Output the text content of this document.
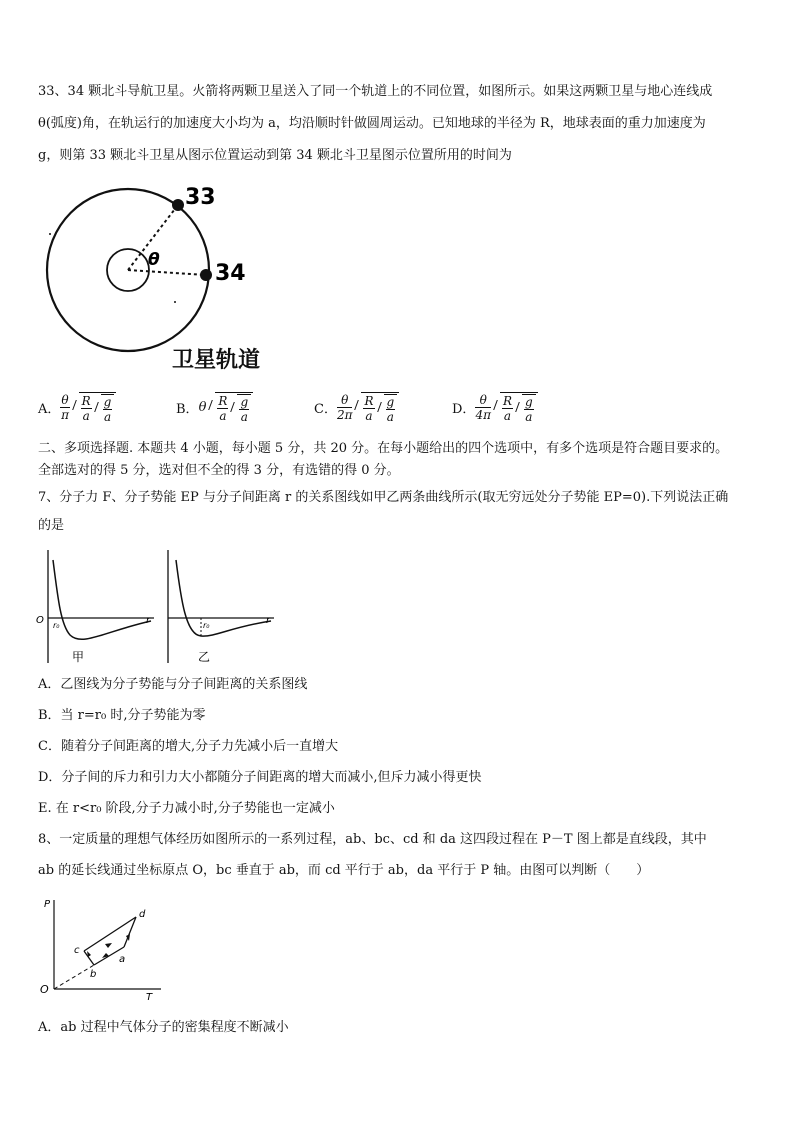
33、34 颗北斗导航卫星。火箭将两颗卫星送入了同一个轨道上的不同位置，如图所示。如果这两颗卫星与地心连线成
θ(弧度)角，在轨运行的加速度大小均为 a，均沿顺时针做圆周运动。已知地球的半径为 R，地球表面的重力加速度为
g，则第 33 颗北斗卫星从图示位置运动到第 34 颗北斗卫星图示位置所用的时间为
33
34
θ
卫星轨道
A． $\frac{\theta}{\pi} \frac{R}{a} \frac{g}{a}$	B． θ $\frac{R}{a} \frac{g}{a}$	C． $\frac{\theta}{2\pi} \frac{R}{a} \frac{g}{a}$	D． $\frac{\theta}{4\pi} \frac{R}{a} \frac{g}{a}$
二、多项选择题. 本题共 4 小题，每小题 5 分，共 20 分。在每小题给出的四个选项中，有多个选项是符合题目要求的。
全部选对的得 5 分，选对但不全的得 3 分，有选错的得 0 分。
7、分子力 F、分子势能 EP 与分子间距离 r 的关系图线如甲乙两条曲线所示(取无穷远处分子势能 EP=0).下列说法正确
的是
O r₀	r
甲
r₀	r
乙
A．乙图线为分子势能与分子间距离的关系图线
B．当 r=r₀ 时,分子势能为零
C．随着分子间距离的增大,分子力先减小后一直增大
D．分子间的斥力和引力大小都随分子间距离的增大而减小,但斥力减小得更快
E. 在 r<r₀ 阶段,分子力减小时,分子势能也一定减小
8、一定质量的理想气体经历如图所示的一系列过程，ab、bc、cd 和 da 这四段过程在 P－T 图上都是直线段，其中
ab 的延长线通过坐标原点 O，bc 垂直于 ab，而 cd 平行于 ab，da 平行于 P 轴。由图可以判断（　　）
P
T
O
a
b
c
d
A．ab 过程中气体分子的密集程度不断减小
